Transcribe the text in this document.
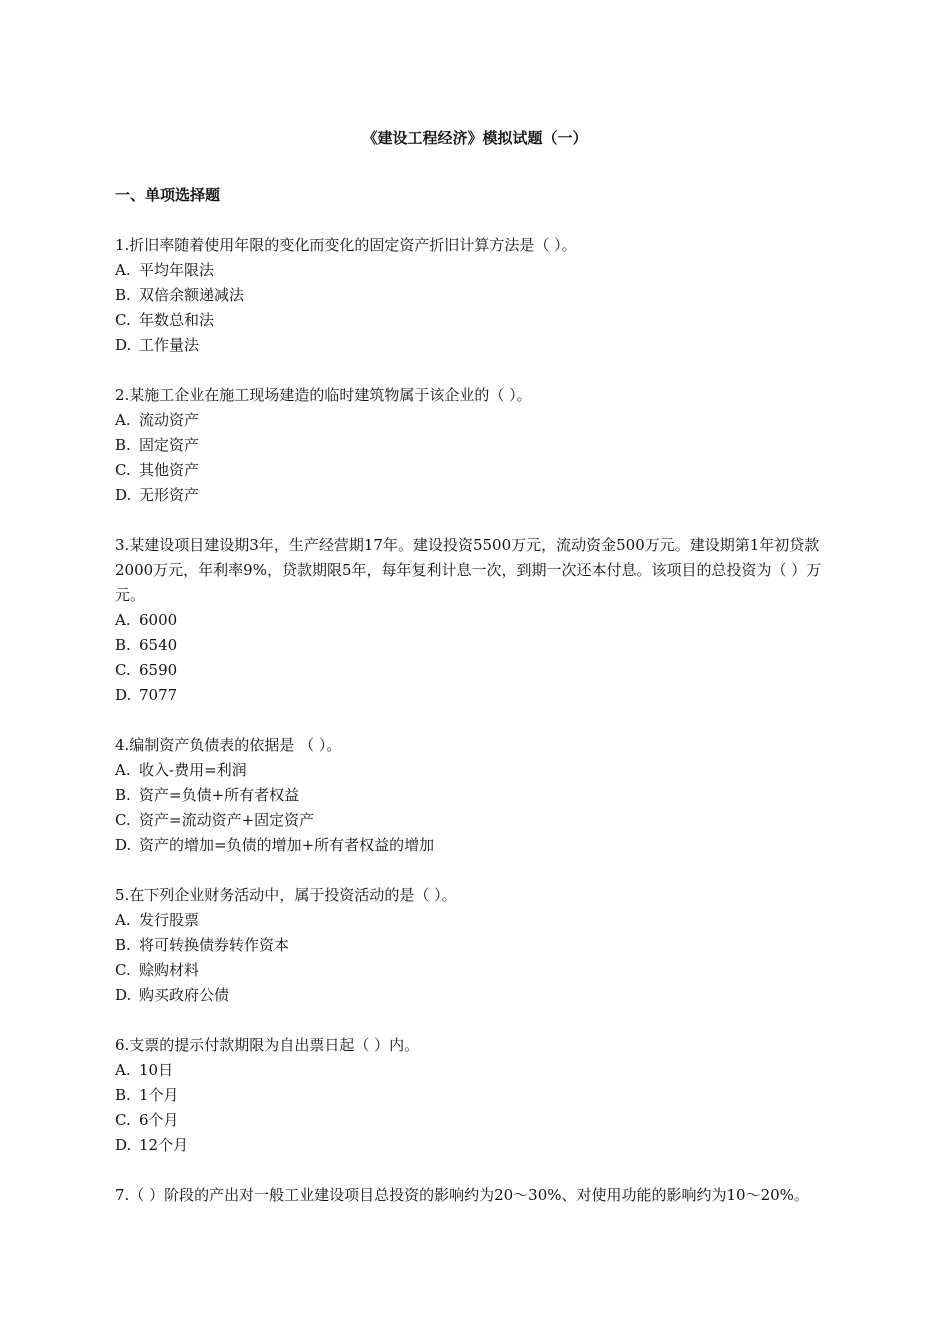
《建设工程经济》模拟试题（一）
一、单项选择题

1.折旧率随着使用年限的变化而变化的固定资产折旧计算方法是（ ）。

A. 平均年限法
B. 双倍余额递减法
C. 年数总和法
D. 工作量法

2.某施工企业在施工现场建造的临时建筑物属于该企业的（ ）。

A. 流动资产
B. 固定资产
C. 其他资产
D. 无形资产

3.某建设项目建设期3年，生产经营期17年。建设投资5500万元，流动资金500万元。建设期第1年初贷款2000万元，年利率9%，贷款期限5年，每年复利计息一次，到期一次还本付息。该项目的总投资为（ ）万元。

A. 6000
B. 6540
C. 6590
D. 7077

4.编制资产负债表的依据是 （ ）。

A. 收入-费用=利润
B. 资产=负债+所有者权益
C. 资产=流动资产+固定资产
D. 资产的增加=负债的增加+所有者权益的增加

5.在下列企业财务活动中，属于投资活动的是（ ）。

A. 发行股票
B. 将可转换债券转作资本
C. 赊购材料
D. 购买政府公债

6.支票的提示付款期限为自出票日起（ ）内。

A. 10日
B. 1个月
C. 6个月
D. 12个月

7.（ ）阶段的产出对一般工业建设项目总投资的影响约为20～30%、对使用功能的影响约为10～20%。
